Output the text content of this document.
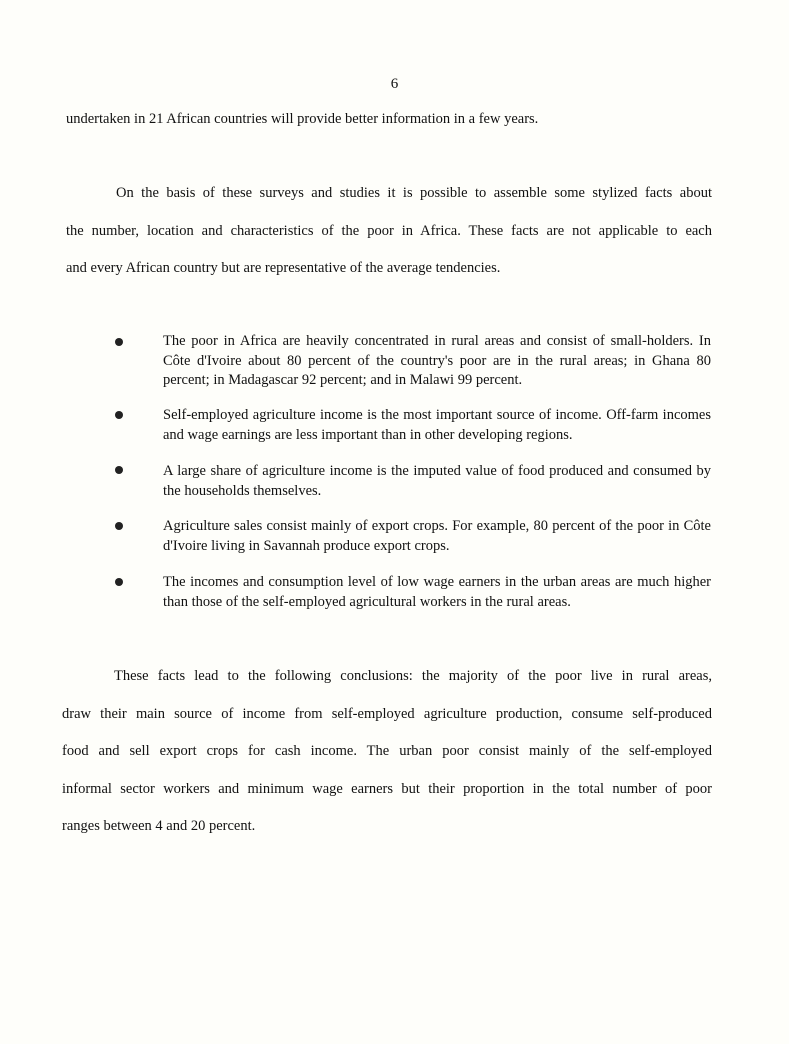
6
undertaken in 21 African countries will provide better information in a few years.
On the basis of these surveys and studies it is possible to assemble some stylized facts about
the number, location and characteristics of the poor in Africa. These facts are not applicable to each
and every African country but are representative of the average tendencies.
The poor in Africa are heavily concentrated in rural areas and consist of small-holders. In Côte d'Ivoire about 80 percent of the country's poor are in the rural areas; in Ghana 80 percent; in Madagascar 92 percent; and in Malawi 99 percent.
Self-employed agriculture income is the most important source of income. Off-farm incomes and wage earnings are less important than in other developing regions.
A large share of agriculture income is the imputed value of food produced and consumed by the households themselves.
Agriculture sales consist mainly of export crops. For example, 80 percent of the poor in Côte d'Ivoire living in Savannah produce export crops.
The incomes and consumption level of low wage earners in the urban areas are much higher than those of the self-employed agricultural workers in the rural areas.
These facts lead to the following conclusions: the majority of the poor live in rural areas,
draw their main source of income from self-employed agriculture production, consume self-produced
food and sell export crops for cash income. The urban poor consist mainly of the self-employed
informal sector workers and minimum wage earners but their proportion in the total number of poor
ranges between 4 and 20 percent.
